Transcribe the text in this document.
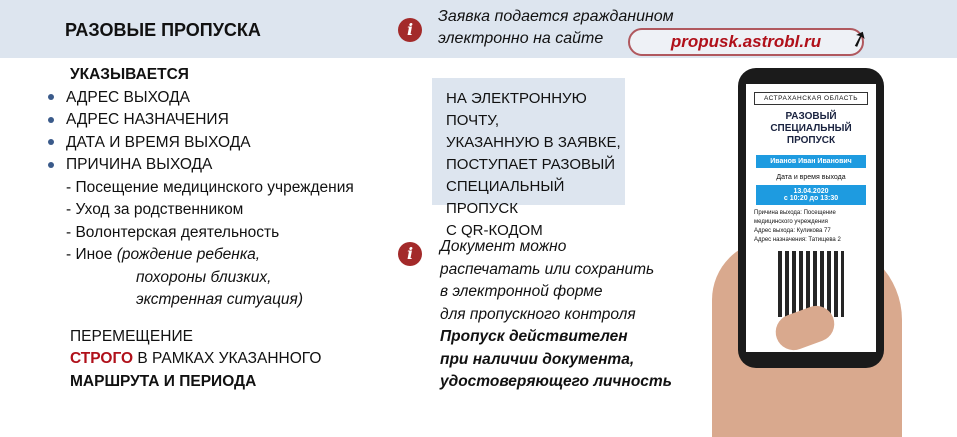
РАЗОВЫЕ ПРОПУСКА	i
Заявка подается гражданином
электронно на сайте	propusk.astrobl.ru	➚
УКАЗЫВАЕТСЯ
АДРЕС ВЫХОДА
АДРЕС НАЗНАЧЕНИЯ
ДАТА И ВРЕМЯ ВЫХОДА
ПРИЧИНА ВЫХОДА
- Посещение медицинского учреждения
- Уход за родственником
- Волонтерская деятельность
- Иное (рождение ребенка,
похороны близких,
экстренная ситуация)
ПЕРЕМЕЩЕНИЕ
СТРОГО В РАМКАХ УКАЗАННОГО
МАРШРУТА И ПЕРИОДА
НА ЭЛЕКТРОННУЮ ПОЧТУ,
УКАЗАННУЮ В ЗАЯВКЕ,
ПОСТУПАЕТ РАЗОВЫЙ
СПЕЦИАЛЬНЫЙ ПРОПУСК
С QR-КОДОМ
i	Документ можно
распечатать или сохранить
в электронной форме
для пропускного контроля
Пропуск действителен
при наличии документа,
удостоверяющего личность
АСТРАХАНСКАЯ ОБЛАСТЬ
РАЗОВЫЙ
СПЕЦИАЛЬНЫЙ
ПРОПУСК
Иванов Иван Иванович
Дата и время выхода
13.04.2020
с 10:20 до 13:30
Причина выхода: Посещение
медицинского учреждения
Адрес выхода: Куликова 77
Адрес назначения: Татищева 2
